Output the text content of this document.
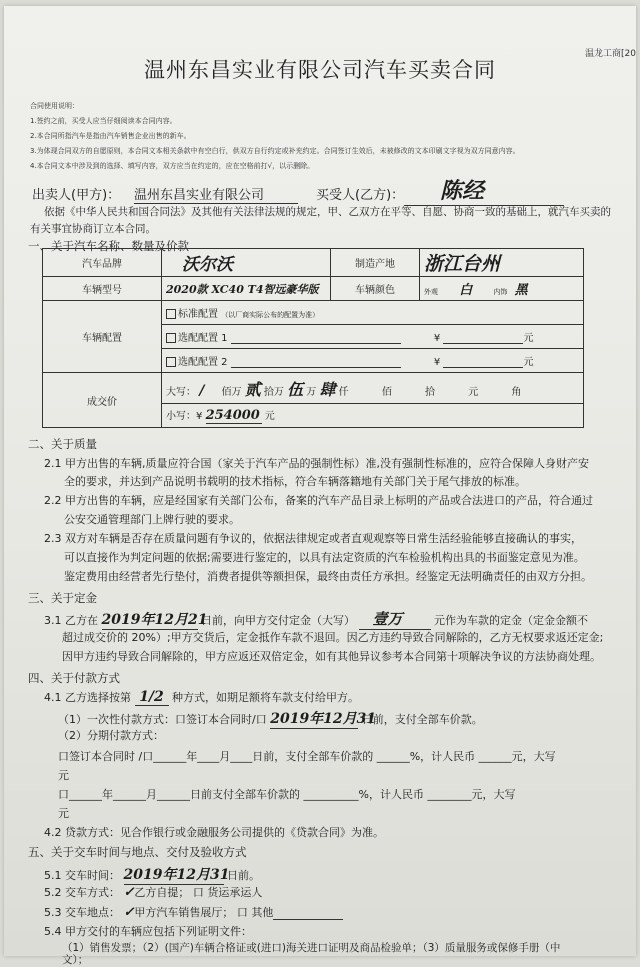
温龙工商[20
温州东昌实业有限公司汽车买卖合同
合同使用说明：
1.签约之前，买受人应当仔细阅读本合同内容。
2.本合同所指汽车是指由汽车销售企业出售的新车。
3.为体现合同双方的自愿原则，本合同文本相关条款中有空白行，供双方自行约定或补充约定。合同签订生效后，未被修改的文本印刷文字视为双方同意内容。
4.本合同文本中涉及到的选择、填写内容，双方应当在约定的，应在空格前打√，以示删除。
出卖人(甲方)： 温州东昌实业有限公司	买受人(乙方)：	陈经
依据《中华人民共和国合同法》及其他有关法律法规的规定，甲、乙双方在平等、自愿、协商一致的基础上，就汽车买卖的有关事宜协商订立本合同。
一、关于汽车名称、数量及价款
汽车品牌	沃尔沃	制造产地	浙江台州
车辆型号	2020款 XC40 T4智远豪华版	车辆颜色	外观 白 内饰 黑
车辆配置	标准配置 （以厂商实际公布的配置为准）		
	选配配置 1 ¥ 元		
	选配配置 2 ¥ 元		
成交价	大写： / 佰万 贰 拾万 伍 万 肆 仟 佰 拾 元 角		
	小写：¥ 254000 元		
二、关于质量
2.1 甲方出售的车辆,质量应符合国（家关于汽车产品的强制性标）准,没有强制性标准的，应符合保障人身财产安
全的要求，并达到产品说明书载明的技术指标，符合车辆落籍地有关部门关于尾气排放的标准。
2.2 甲方出售的车辆，应是经国家有关部门公布，备案的汽车产品目录上标明的产品或合法进口的产品，符合通过
公安交通管理部门上牌行驶的要求。
2.3 双方对车辆是否存在质量问题有争议的，依据法律规定或者直观观察等日常生活经验能够直接确认的事实，
可以直接作为判定问题的依据;需要进行鉴定的，以具有法定资质的汽车检验机构出具的书面鉴定意见为准。
鉴定费用由经营者先行垫付，消费者提供等额担保，最终由责任方承担。经鉴定无法明确责任的由双方分担。
三、关于定金
3.1 乙方在 2019年12月21 日前，向甲方交付定金（大写） 壹万	元作为车款的定金（定金金额不
超过成交价的 20%）;甲方交货后，定金抵作车款不退回。因乙方违约导致合同解除的，乙方无权要求返还定金;
因甲方违约导致合同解除的，甲方应返还双倍定金，如有其他异议参考本合同第十项解决争议的方法协商处理。
四、关于付款方式
4.1 乙方选择按第 1/2 种方式，如期足额将车款支付给甲方。
（1）一次性付款方式：口签订本合同时/口 2019年12月31 日前，支付全部车价款。
（2）分期付款方式：
口签订本合同时 /口______年____月____日前，支付全部车价款的 ______%，计人民币 ______元，大写
元
口______年______月______日前支付全部车价款的 __________%，计人民币 ________元，大写
元
4.2 贷款方式：见合作银行或金融服务公司提供的《贷款合同》为准。
五、关于交车时间与地点、交付及验收方式
5.1 交车时间： 2019年12月31 日前。
5.2 交车方式： ✓乙方自提； 口 货运承运人
5.3 交车地点： ✓甲方汽车销售展厅； 口 其他
5.4 甲方交付的车辆应包括下列证明文件：
（1）销售发票；（2）(国产)车辆合格证或(进口)海关进口证明及商品检验单；（3）质量服务或保修手册（中
文）；
